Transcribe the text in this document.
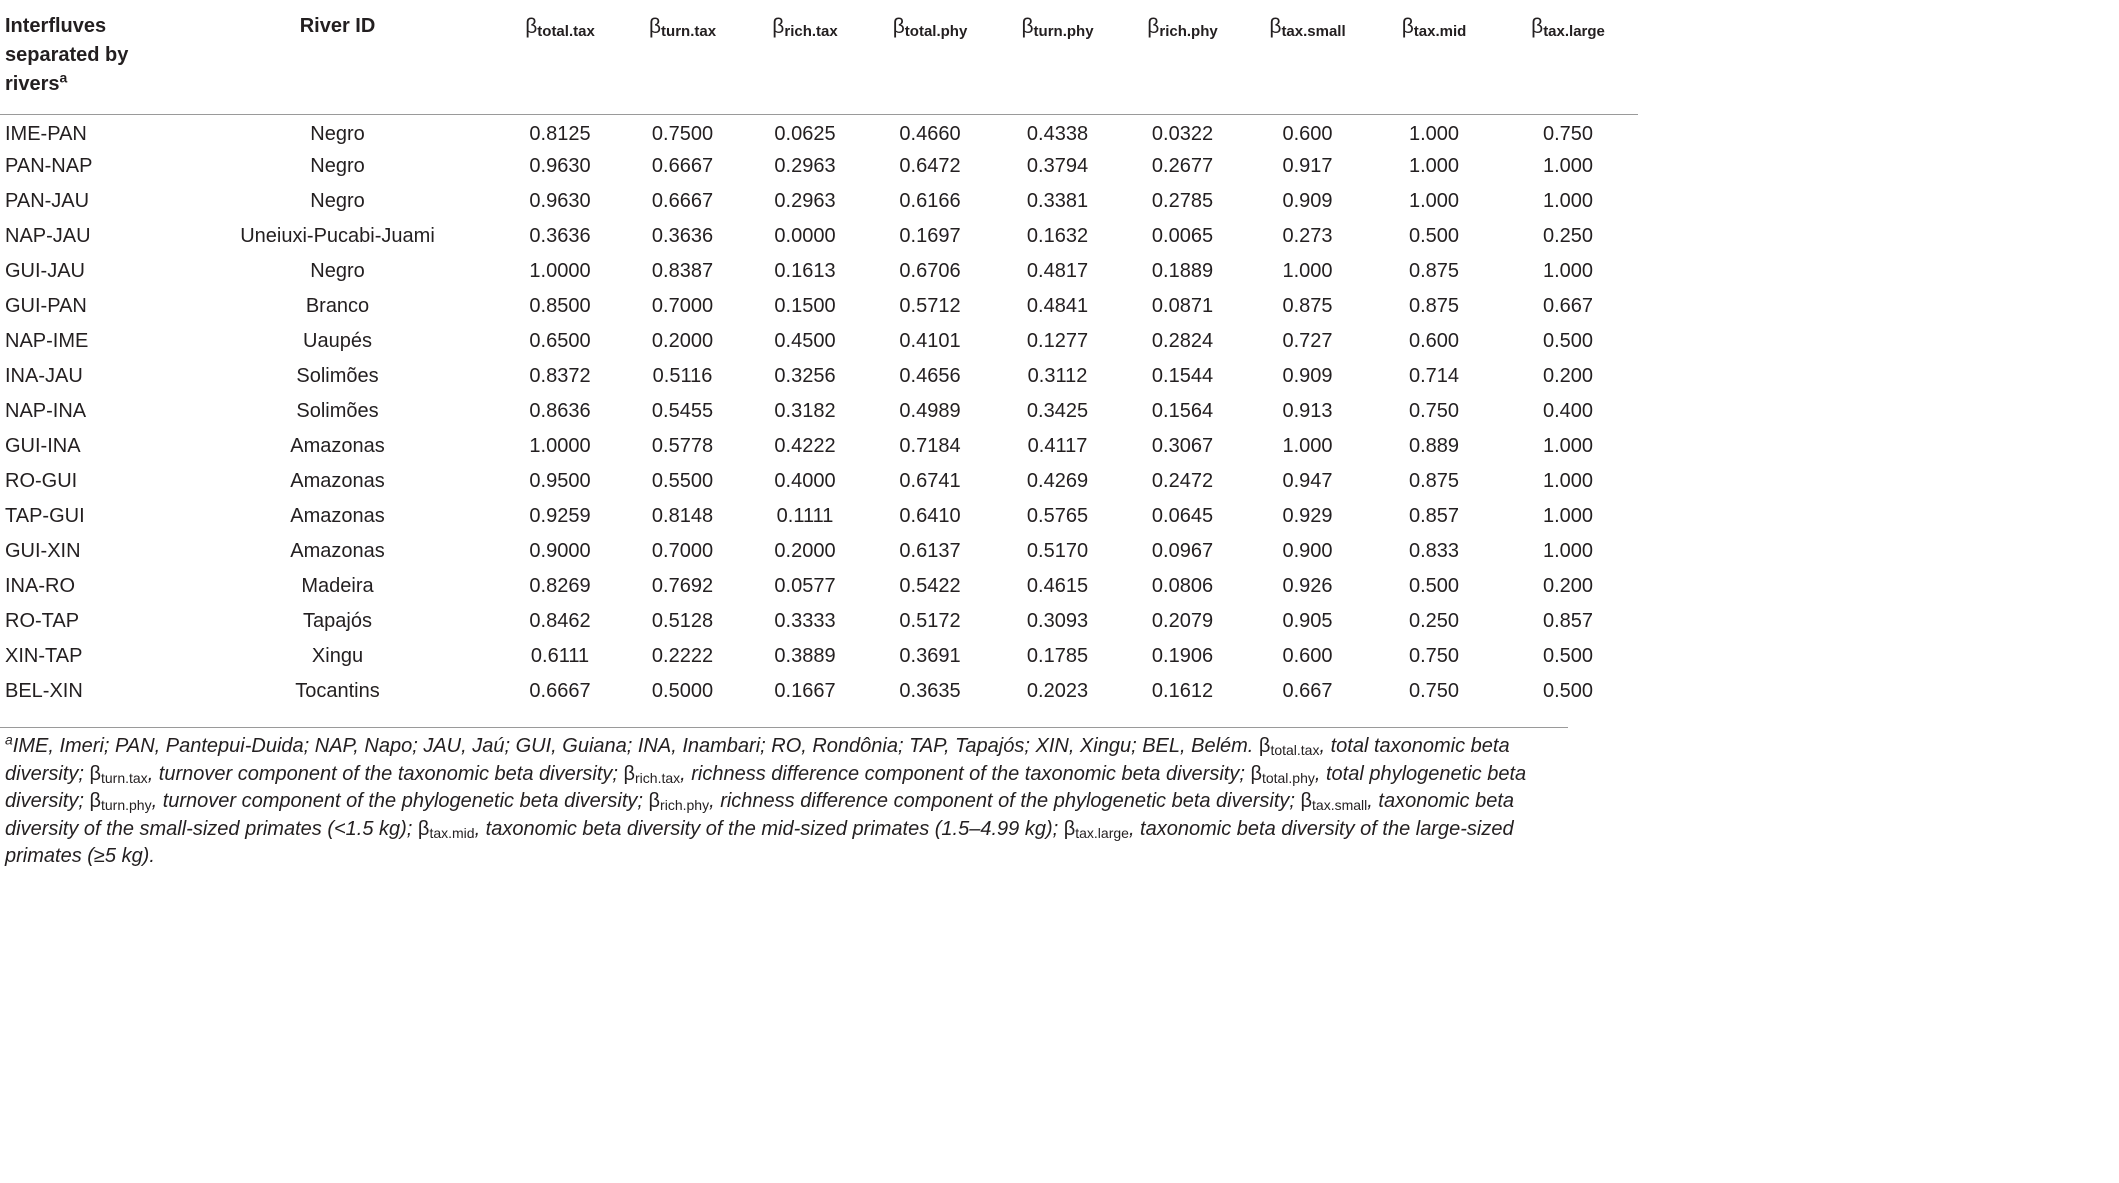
Interfluves separated by rivers$^a$	River ID	$\beta_{total.tax}$	$\beta_{turn.tax}$	$\beta_{rich.tax}$	$\beta_{total.phy}$	$\beta_{turn.phy}$	$\beta_{rich.phy}$	$\beta_{tax.small}$	$\beta_{tax.mid}$	$\beta_{tax.large}$
IME-PAN	Negro	0.8125	0.7500	0.0625	0.4660	0.4338	0.0322	0.600	1.000	0.750
PAN-NAP	Negro	0.9630	0.6667	0.2963	0.6472	0.3794	0.2677	0.917	1.000	1.000
PAN-JAU	Negro	0.9630	0.6667	0.2963	0.6166	0.3381	0.2785	0.909	1.000	1.000
NAP-JAU	Uneiuxi-Pucabi-Juami	0.3636	0.3636	0.0000	0.1697	0.1632	0.0065	0.273	0.500	0.250
GUI-JAU	Negro	1.0000	0.8387	0.1613	0.6706	0.4817	0.1889	1.000	0.875	1.000
GUI-PAN	Branco	0.8500	0.7000	0.1500	0.5712	0.4841	0.0871	0.875	0.875	0.667
NAP-IME	Uaupés	0.6500	0.2000	0.4500	0.4101	0.1277	0.2824	0.727	0.600	0.500
INA-JAU	Solimões	0.8372	0.5116	0.3256	0.4656	0.3112	0.1544	0.909	0.714	0.200
NAP-INA	Solimões	0.8636	0.5455	0.3182	0.4989	0.3425	0.1564	0.913	0.750	0.400
GUI-INA	Amazonas	1.0000	0.5778	0.4222	0.7184	0.4117	0.3067	1.000	0.889	1.000
RO-GUI	Amazonas	0.9500	0.5500	0.4000	0.6741	0.4269	0.2472	0.947	0.875	1.000
TAP-GUI	Amazonas	0.9259	0.8148	0.1111	0.6410	0.5765	0.0645	0.929	0.857	1.000
GUI-XIN	Amazonas	0.9000	0.7000	0.2000	0.6137	0.5170	0.0967	0.900	0.833	1.000
INA-RO	Madeira	0.8269	0.7692	0.0577	0.5422	0.4615	0.0806	0.926	0.500	0.200
RO-TAP	Tapajós	0.8462	0.5128	0.3333	0.5172	0.3093	0.2079	0.905	0.250	0.857
XIN-TAP	Xingu	0.6111	0.2222	0.3889	0.3691	0.1785	0.1906	0.600	0.750	0.500
BEL-XIN	Tocantins	0.6667	0.5000	0.1667	0.3635	0.2023	0.1612	0.667	0.750	0.500
$^a$IME, Imeri; PAN, Pantepui-Duida; NAP, Napo; JAU, Jaú; GUI, Guiana; INA, Inambari; RO, Rondônia; TAP, Tapajós; XIN, Xingu; BEL, Belém. $\beta_{total.tax}$, total taxonomic beta diversity; $\beta_{turn.tax}$, turnover component of the taxonomic beta diversity; $\beta_{rich.tax}$, richness difference component of the taxonomic beta diversity; $\beta_{total.phy}$, total phylogenetic beta diversity; $\beta_{turn.phy}$, turnover component of the phylogenetic beta diversity; $\beta_{rich.phy}$, richness difference component of the phylogenetic beta diversity; $\beta_{tax.small}$, taxonomic beta diversity of the small-sized primates (<1.5 kg); $\beta_{tax.mid}$, taxonomic beta diversity of the mid-sized primates (1.5–4.99 kg); $\beta_{tax.large}$, taxonomic beta diversity of the large-sized primates (≥5 kg).
